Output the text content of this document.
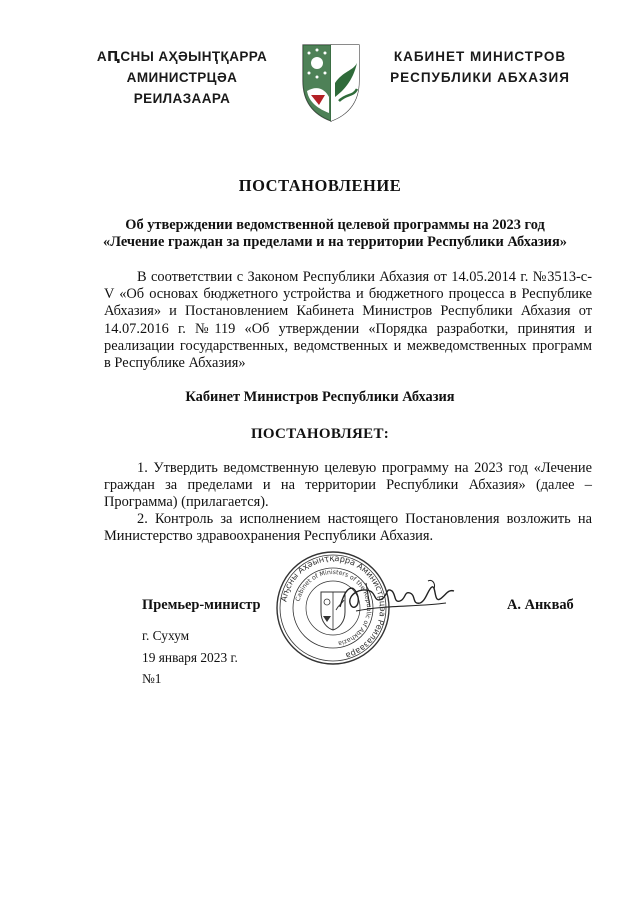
АԤСНЫ АҲӘЫНҬҚАРРА
АМИНИСТРЦӘА РЕИЛАЗААРА
КАБИНЕТ МИНИСТРОВ
РЕСПУБЛИКИ АБХАЗИЯ
ПОСТАНОВЛЕНИЕ
Об утверждении ведомственной целевой программы на 2023 год
«Лечение граждан за пределами и на территории Республики Абхазия»
В соответствии с Законом Республики Абхазия от 14.05.2014 г. №3513-с-V «Об основах бюджетного устройства и бюджетного процесса в Республике Абхазия» и Постановлением Кабинета Министров Республики Абхазия от 14.07.2016 г. №119 «Об утверждении «Порядка разработки, принятия и реализации государственных, ведомственных и межведомственных программ в Республике Абхазия»
Кабинет Министров Республики Абхазия
ПОСТАНОВЛЯЕТ:
1. Утвердить ведомственную целевую программу на 2023 год «Лечение граждан за пределами и на территории Республики Абхазия» (далее – Программа) (прилагается).
2. Контроль за исполнением настоящего Постановления возложить на Министерство здравоохранения Республики Абхазия.
Аҧсны Аҳәынҭқарра Аминистрцәа Реилазаара
Cabinet of Ministers of the Republic of Abkhazia
Премьер-министр	А. Анкваб
г. Сухум
19 января 2023 г.
№1
